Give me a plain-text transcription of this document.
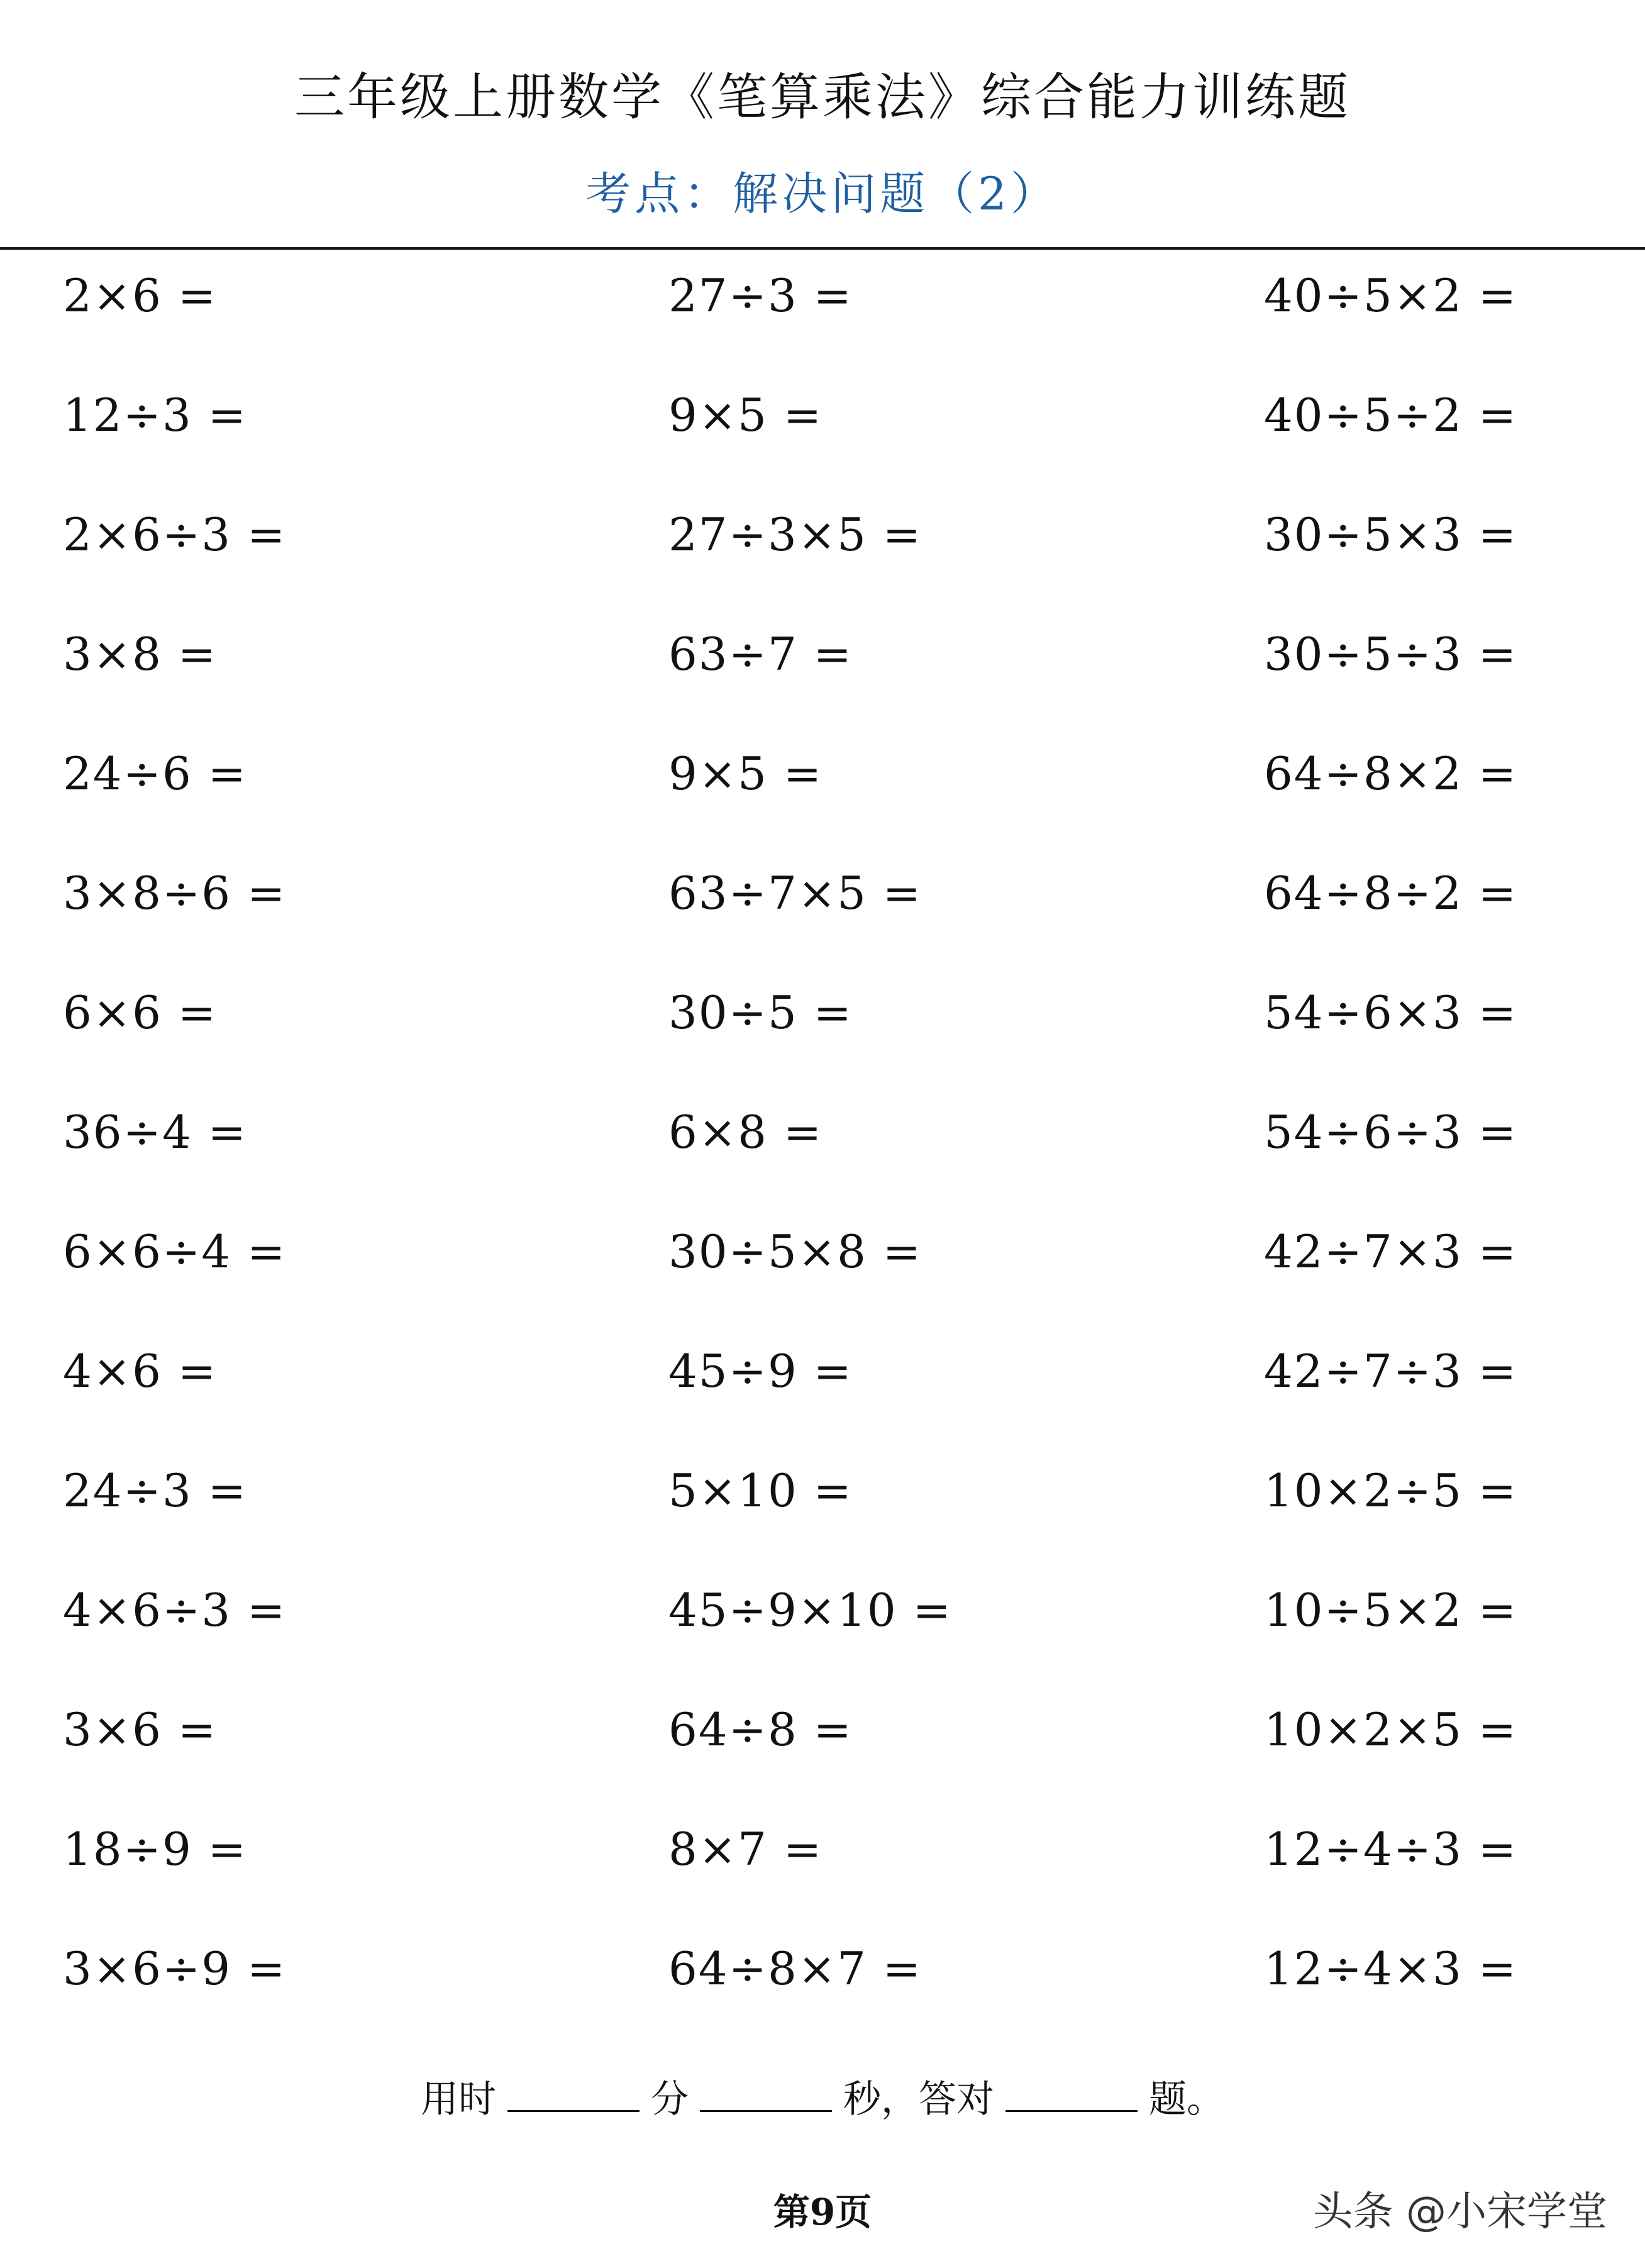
三年级上册数学《笔算乘法》综合能力训练题
考点：解决问题（2）
2×6 =	27÷3 =	40÷5×2 =
12÷3 =	9×5 =	40÷5÷2 =
2×6÷3 =	27÷3×5 =	30÷5×3 =
3×8 =	63÷7 =	30÷5÷3 =
24÷6 =	9×5 =	64÷8×2 =
3×8÷6 =	63÷7×5 =	64÷8÷2 =
6×6 =	30÷5 =	54÷6×3 =
36÷4 =	6×8 =	54÷6÷3 =
6×6÷4 =	30÷5×8 =	42÷7×3 =
4×6 =	45÷9 =	42÷7÷3 =
24÷3 =	5×10 =	10×2÷5 =
4×6÷3 =	45÷9×10 =	10÷5×2 =
3×6 =	64÷8 =	10×2×5 =
18÷9 =	8×7 =	12÷4÷3 =
3×6÷9 =	64÷8×7 =	12÷4×3 =
用时	分	秒，答对	题。
第9页	头条 @小宋学堂
